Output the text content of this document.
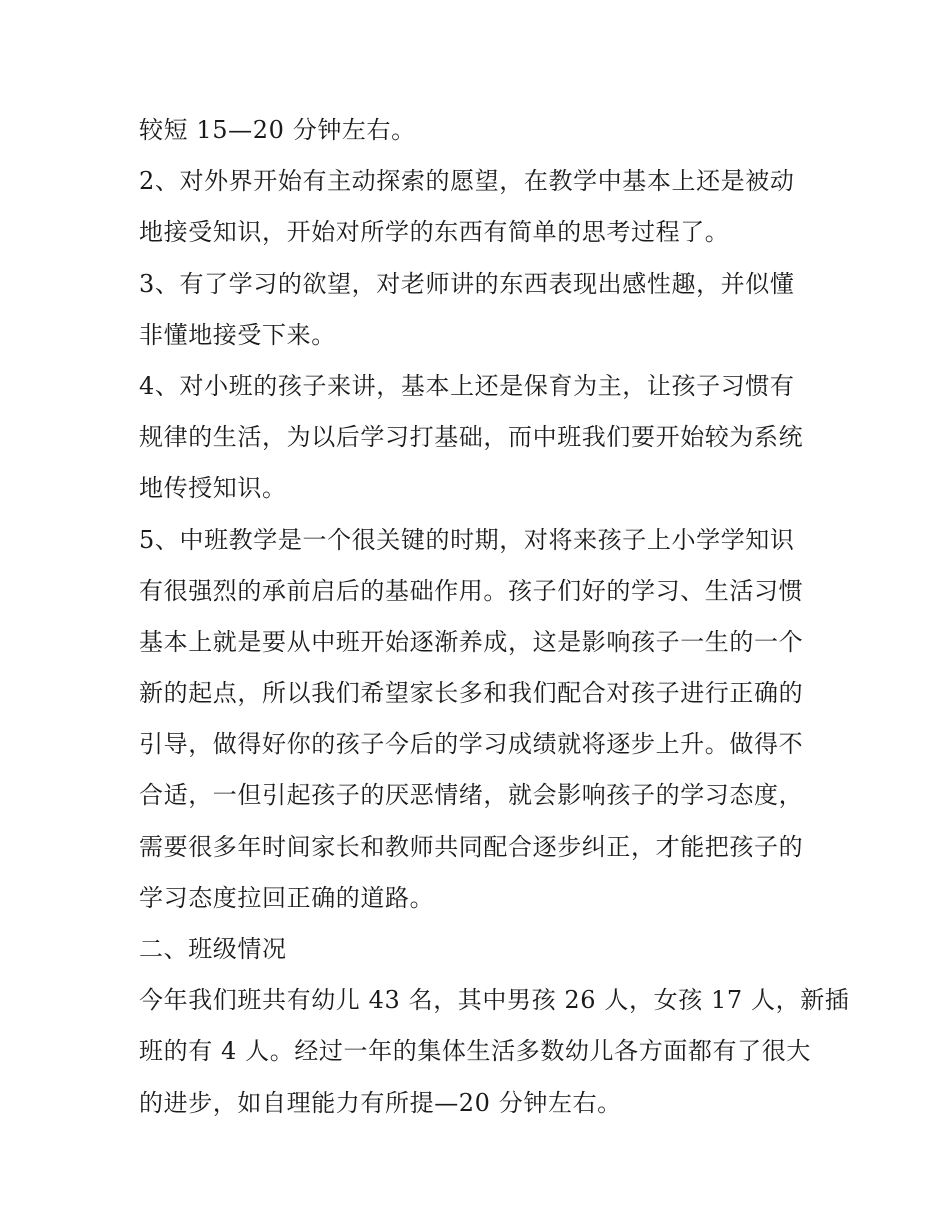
较短 15—20 分钟左右。
2、对外界开始有主动探索的愿望，在教学中基本上还是被动
地接受知识，开始对所学的东西有简单的思考过程了。
3、有了学习的欲望，对老师讲的东西表现出感性趣，并似懂
非懂地接受下来。
4、对小班的孩子来讲，基本上还是保育为主，让孩子习惯有
规律的生活，为以后学习打基础，而中班我们要开始较为系统
地传授知识。
5、中班教学是一个很关键的时期，对将来孩子上小学学知识
有很强烈的承前启后的基础作用。孩子们好的学习、生活习惯
基本上就是要从中班开始逐渐养成，这是影响孩子一生的一个
新的起点，所以我们希望家长多和我们配合对孩子进行正确的
引导，做得好你的孩子今后的学习成绩就将逐步上升。做得不
合适，一但引起孩子的厌恶情绪，就会影响孩子的学习态度，
需要很多年时间家长和教师共同配合逐步纠正，才能把孩子的
学习态度拉回正确的道路。
二、班级情况
今年我们班共有幼儿 43 名，其中男孩 26 人，女孩 17 人，新插
班的有 4 人。经过一年的集体生活多数幼儿各方面都有了很大
的进步，如自理能力有所提—20 分钟左右。
